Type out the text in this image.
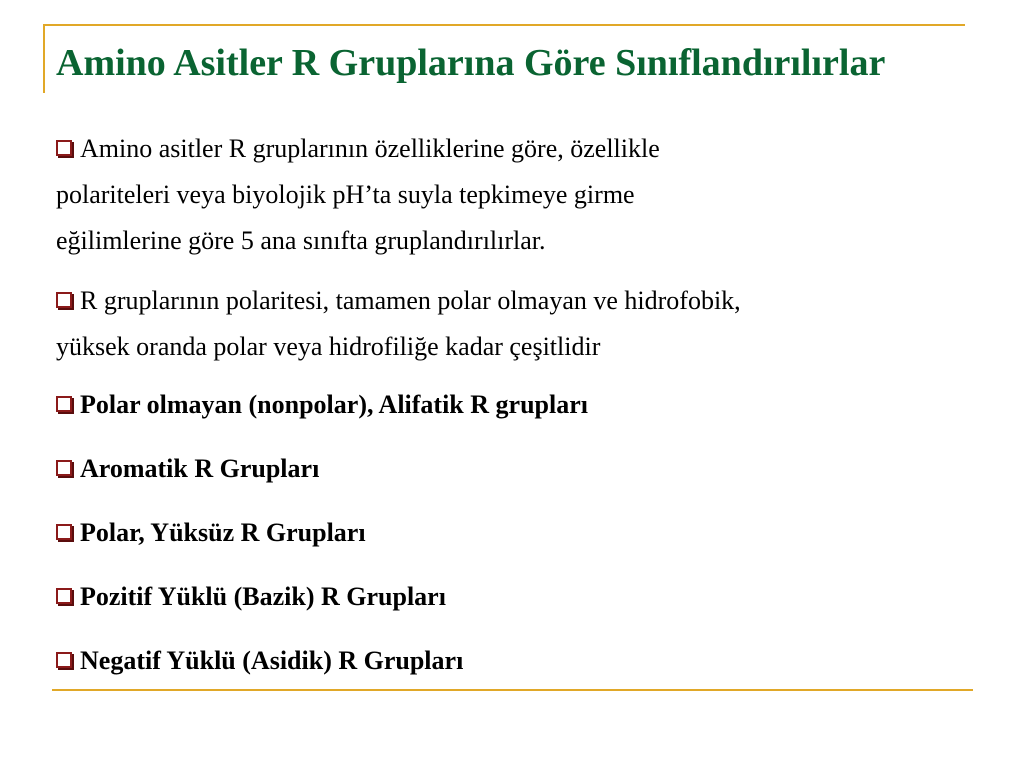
Amino Asitler R Gruplarına Göre Sınıflandırılırlar
Amino asitler R gruplarının özelliklerine göre, özellikle
polariteleri veya biyolojik pH’ta suyla tepkimeye girme
eğilimlerine göre 5 ana sınıfta gruplandırılırlar.
R gruplarının polaritesi, tamamen polar olmayan ve hidrofobik,
yüksek oranda polar veya hidrofiliğe kadar çeşitlidir
Polar olmayan (nonpolar), Alifatik R grupları
Aromatik R Grupları
Polar, Yüksüz R Grupları
Pozitif Yüklü (Bazik) R Grupları
Negatif Yüklü (Asidik) R Grupları
